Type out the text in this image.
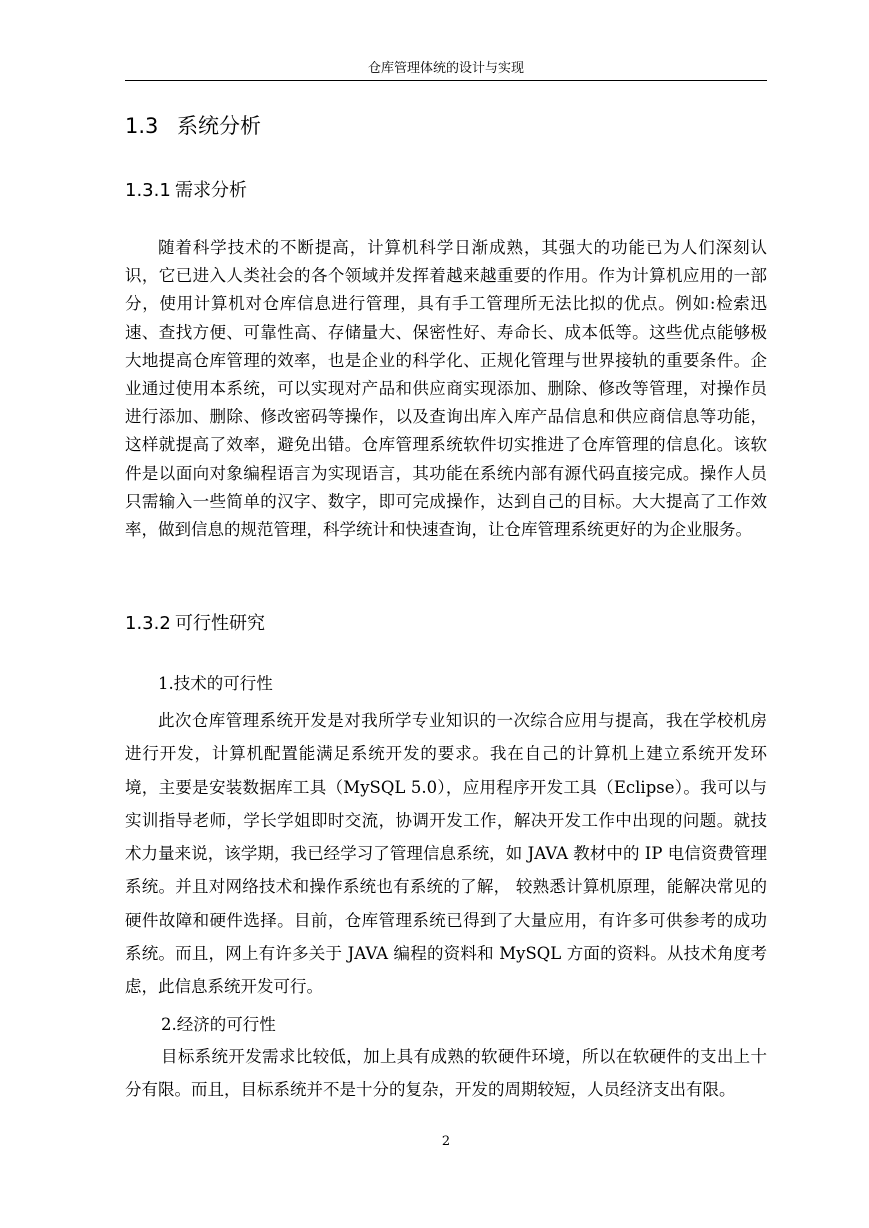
仓库管理体统的设计与实现
1.3 系统分析
1.3.1 需求分析

随着科学技术的不断提高，计算机科学日渐成熟，其强大的功能已为人们深刻认识，它已进入人类社会的各个领域并发挥着越来越重要的作用。作为计算机应用的一部分，使用计算机对仓库信息进行管理，具有手工管理所无法比拟的优点。例如:检索迅速、查找方便、可靠性高、存储量大、保密性好、寿命长、成本低等。这些优点能够极大地提高仓库管理的效率，也是企业的科学化、正规化管理与世界接轨的重要条件。企业通过使用本系统，可以实现对产品和供应商实现添加、删除、修改等管理，对操作员进行添加、删除、修改密码等操作，以及查询出库入库产品信息和供应商信息等功能，这样就提高了效率，避免出错。仓库管理系统软件切实推进了仓库管理的信息化。该软件是以面向对象编程语言为实现语言，其功能在系统内部有源代码直接完成。操作人员只需输入一些简单的汉字、数字，即可完成操作，达到自己的目标。大大提高了工作效率，做到信息的规范管理，科学统计和快速查询，让仓库管理系统更好的为企业服务。

1.3.2 可行性研究

1.技术的可行性

此次仓库管理系统开发是对我所学专业知识的一次综合应用与提高，我在学校机房进行开发，计算机配置能满足系统开发的要求。我在自己的计算机上建立系统开发环境，主要是安装数据库工具（MySQL 5.0），应用程序开发工具（Eclipse）。我可以与实训指导老师，学长学姐即时交流，协调开发工作，解决开发工作中出现的问题。就技术力量来说，该学期，我已经学习了管理信息系统，如 JAVA 教材中的 IP 电信资费管理系统。并且对网络技术和操作系统也有系统的了解， 较熟悉计算机原理，能解决常见的硬件故障和硬件选择。目前，仓库管理系统已得到了大量应用，有许多可供参考的成功系统。而且，网上有许多关于 JAVA 编程的资料和 MySQL 方面的资料。从技术角度考虑，此信息系统开发可行。

2.经济的可行性

目标系统开发需求比较低，加上具有成熟的软硬件环境，所以在软硬件的支出上十分有限。而且，目标系统并不是十分的复杂，开发的周期较短，人员经济支出有限。

2
